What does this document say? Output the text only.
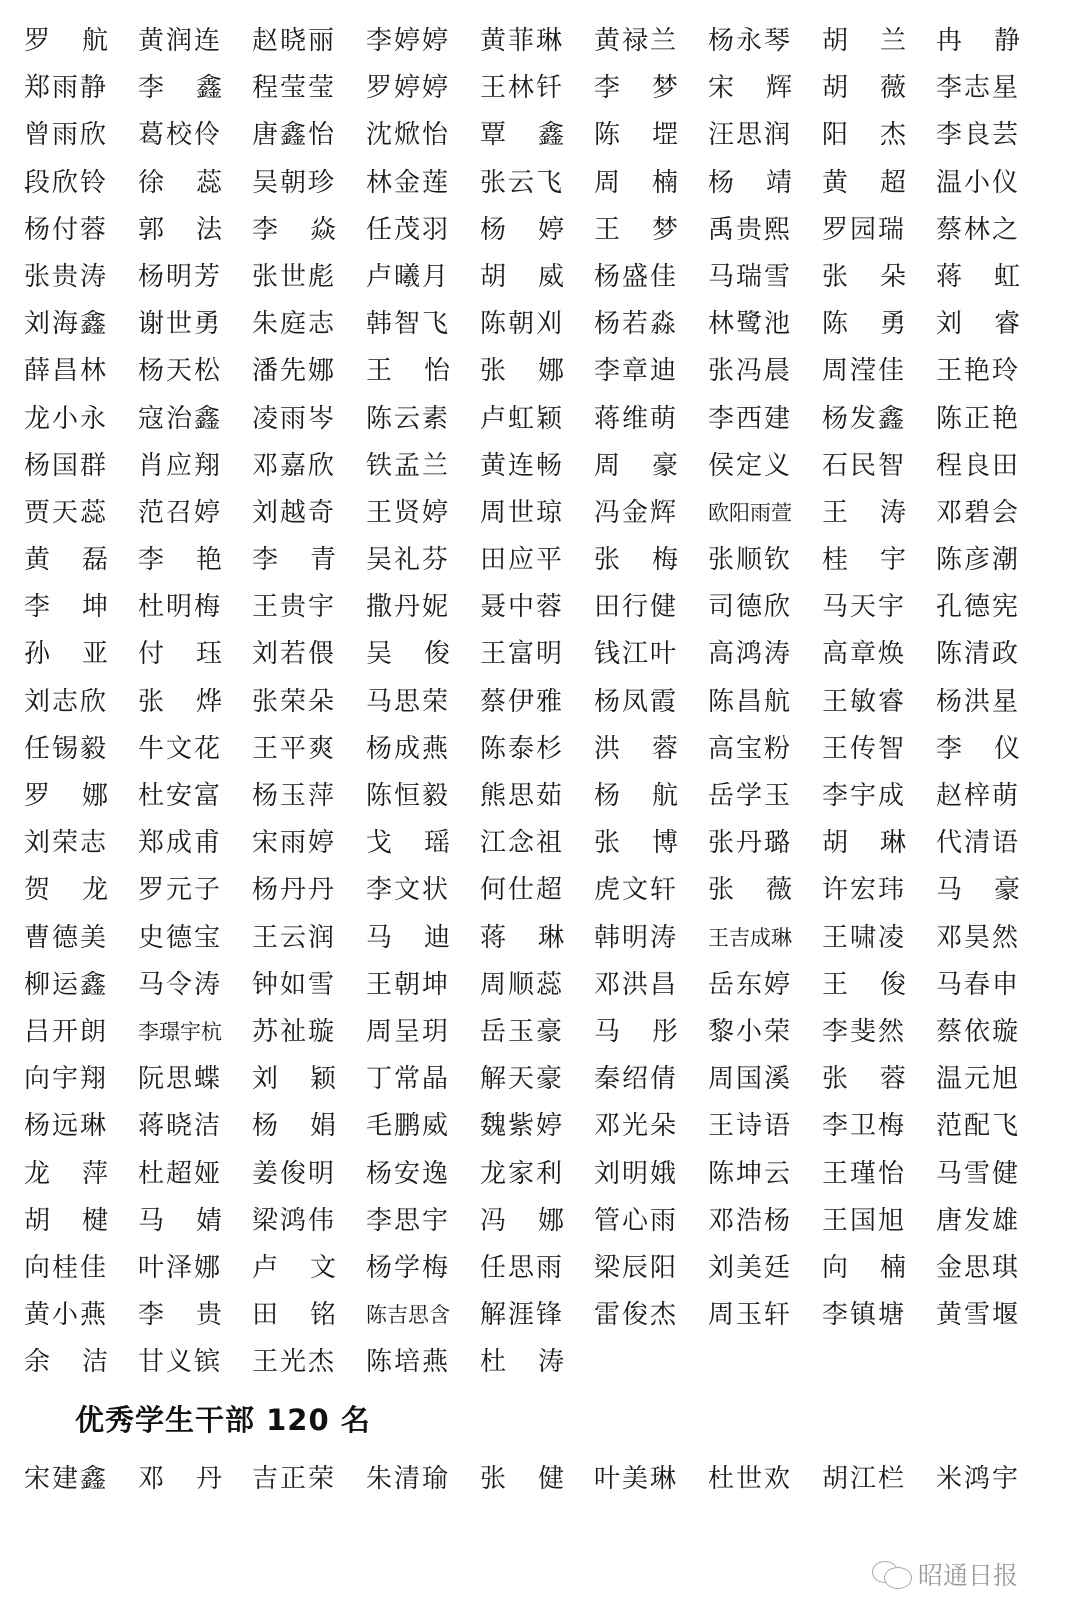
罗 航 黄润连 赵晓丽 李婷婷 黄菲琳 黄禄兰 杨永琴 胡 兰 冉 静
郑雨静 李 鑫 程莹莹 罗婷婷 王林钎 李 梦 宋 辉 胡 薇 李志星
曾雨欣 葛校伶 唐鑫怡 沈焮怡 覃 鑫 陈 堽 汪思润 阳 杰 李良芸
段欣铃 徐 蕊 吴朝珍 林金莲 张云飞 周 楠 杨 靖 黄 超 温小仪
杨付蓉 郭 法 李 焱 任茂羽 杨 婷 王 梦 禹贵熙 罗园瑞 蔡林之
张贵涛 杨明芳 张世彪 卢曦月 胡 威 杨盛佳 马瑞雪 张 朵 蒋 虹
刘海鑫 谢世勇 朱庭志 韩智飞 陈朝刈 杨若淼 林鹭池 陈 勇 刘 睿
薛昌林 杨天松 潘先娜 王 怡 张 娜 李章迪 张冯晨 周滢佳 王艳玲
龙小永 寇治鑫 凌雨岑 陈云素 卢虹颖 蒋维萌 李西建 杨发鑫 陈正艳
杨国群 肖应翔 邓嘉欣 铁孟兰 黄连畅 周 豪 侯定义 石民智 程良田
贾天蕊 范召婷 刘越奇 王贤婷 周世琼 冯金辉 欧阳雨萱 王 涛 邓碧会
黄 磊 李 艳 李 青 吴礼芬 田应平 张 梅 张顺钦 桂 宇 陈彦潮
李 坤 杜明梅 王贵宇 撒丹妮 聂中蓉 田行健 司德欣 马天宇 孔德宪
孙 亚 付 珏 刘若偎 吴 俊 王富明 钱江叶 高鸿涛 高章焕 陈清政
刘志欣 张 烨 张荣朵 马思荣 蔡伊雅 杨凤霞 陈昌航 王敏睿 杨洪星
任锡毅 牛文花 王平爽 杨成燕 陈泰杉 洪 蓉 高宝粉 王传智 李 仪
罗 娜 杜安富 杨玉萍 陈恒毅 熊思茹 杨 航 岳学玉 李宇成 赵梓萌
刘荣志 郑成甫 宋雨婷 戈 瑶 江念祖 张 博 张丹璐 胡 琳 代清语
贺 龙 罗元子 杨丹丹 李文状 何仕超 虎文轩 张 薇 许宏玮 马 豪
曹德美 史德宝 王云润 马 迪 蒋 琳 韩明涛 王吉成琳 王啸凌 邓昊然
柳运鑫 马令涛 钟如雪 王朝坤 周顺蕊 邓洪昌 岳东婷 王 俊 马春申
吕开朗 李璟宇杭 苏祉璇 周呈玥 岳玉豪 马 彤 黎小荣 李斐然 蔡依璇
向宇翔 阮思蝶 刘 颖 丁常晶 解天豪 秦绍倩 周国溪 张 蓉 温元旭
杨远琳 蒋晓洁 杨 娟 毛鹏威 魏紫婷 邓光朵 王诗语 李卫梅 范配飞
龙 萍 杜超娅 姜俊明 杨安逸 龙家利 刘明娥 陈坤云 王瑾怡 马雪健
胡 楗 马 婧 梁鸿伟 李思宇 冯 娜 管心雨 邓浩杨 王国旭 唐发雄
向桂佳 叶泽娜 卢 文 杨学梅 任思雨 梁辰阳 刘美廷 向 楠 金思琪
黄小燕 李 贵 田 铭 陈吉思含 解涯锋 雷俊杰 周玉轩 李镇塘 黄雪堰
余 洁 甘义镔 王光杰 陈培燕 杜 涛
优秀学生干部 120 名
宋建鑫 邓 丹 吉正荣 朱清瑜 张 健 叶美琳 杜世欢 胡江栏 米鸿宇
昭通日报
